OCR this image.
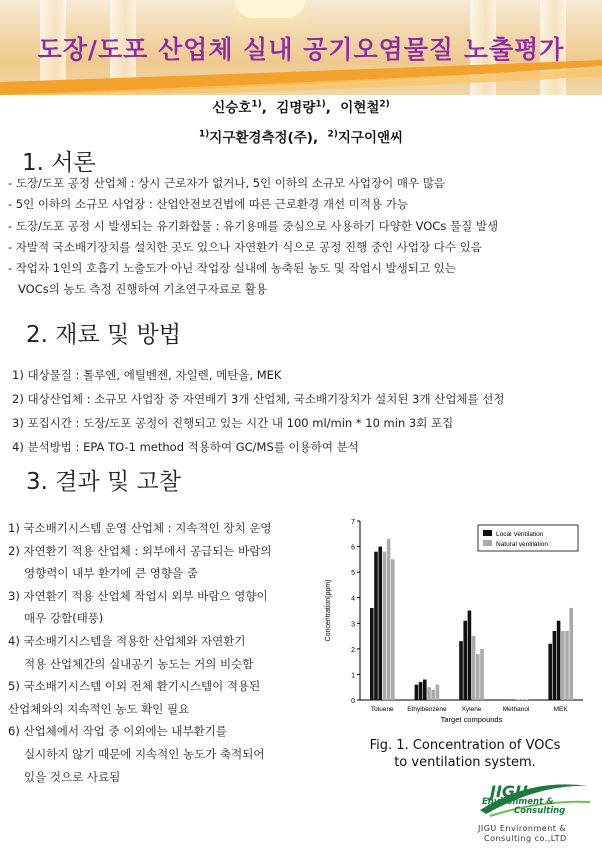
도장/도포 산업체 실내 공기오염물질 노출평가
신승호$^{1)}$,  김명량$^{1)}$,  이현철$^{2)}$
$^{1)}$지구환경측정(주),  $^{2)}$지구이앤씨
1. 서론
- 도장/도포 공정 산업체 : 상시 근로자가 없거나, 5인 이하의 소규모 사업장이 매우 많음
- 5인 이하의 소규모 사업장 : 산업안전보건법에 따른 근로환경 개선 미적용 가능
- 도장/도포 공정 시 발생되는 유기화합물 : 유기용매를 중심으로 사용하기 다양한 VOCs 물질 발생
- 자발적 국소배기장치를 설치한 곳도 있으나 자연환기 식으로 공정 진행 중인 사업장 다수 있음
- 작업자 1인의 호흡기 노출도가 아닌 작업장 실내에 농축된 농도 및 작업시 발생되고 있는
VOCs의 농도 측정 진행하여 기초연구자료로 활용
2. 재료 및 방법
1) 대상물질 : 톨루엔, 에틸벤젠, 자일렌, 메탄올, MEK
2) 대상산업체 : 소규모 사업장 중 자연배기 3개 산업체, 국소배기장치가 설치된 3개 산업체를 선정
3) 포집시간 : 도장/도포 공정이 진행되고 있는 시간 내 100 ml/min * 10 min 3회 포집
4) 분석방법 : EPA TO-1 method 적용하여 GC/MS를 이용하여 분석
3. 결과 및 고찰
1) 국소배기시스템 운영 산업체 : 지속적인 장치 운영
2) 자연환기 적용 산업체 : 외부에서 공급되는 바람의
영향력이 내부 환기에 큰 영향을 줌
3) 자연환기 적용 산업체 작업시 외부 바람으 영향이
매우 강함(태풍)
4) 국소배기시스템을 적용한 산업체와 자연환기
적용 산업체간의 실내공기 농도는 거의 비슷함
5) 국소배기시스템 이외 전체 환기시스템이 적용된
산업체와의 지속적인 농도 확인 필요
6) 산업체에서 작업 중 이외에는 내부환기를
실시하지 않기 때문에 지속적인 농도가 축적되어
있을 것으로 사료됨
0
1
2
3
4
5
6
7
Concentration(ppm)
Toluene Ethylbenzene Xylene	Methanol	MEK
Target compounds
Local Ventilation
Natural ventilation
Fig. 1. Concentration of VOCs
to ventilation system.
JIGU
Environment &
Consulting
JIGU Environment &
Consulting co.,LTD
